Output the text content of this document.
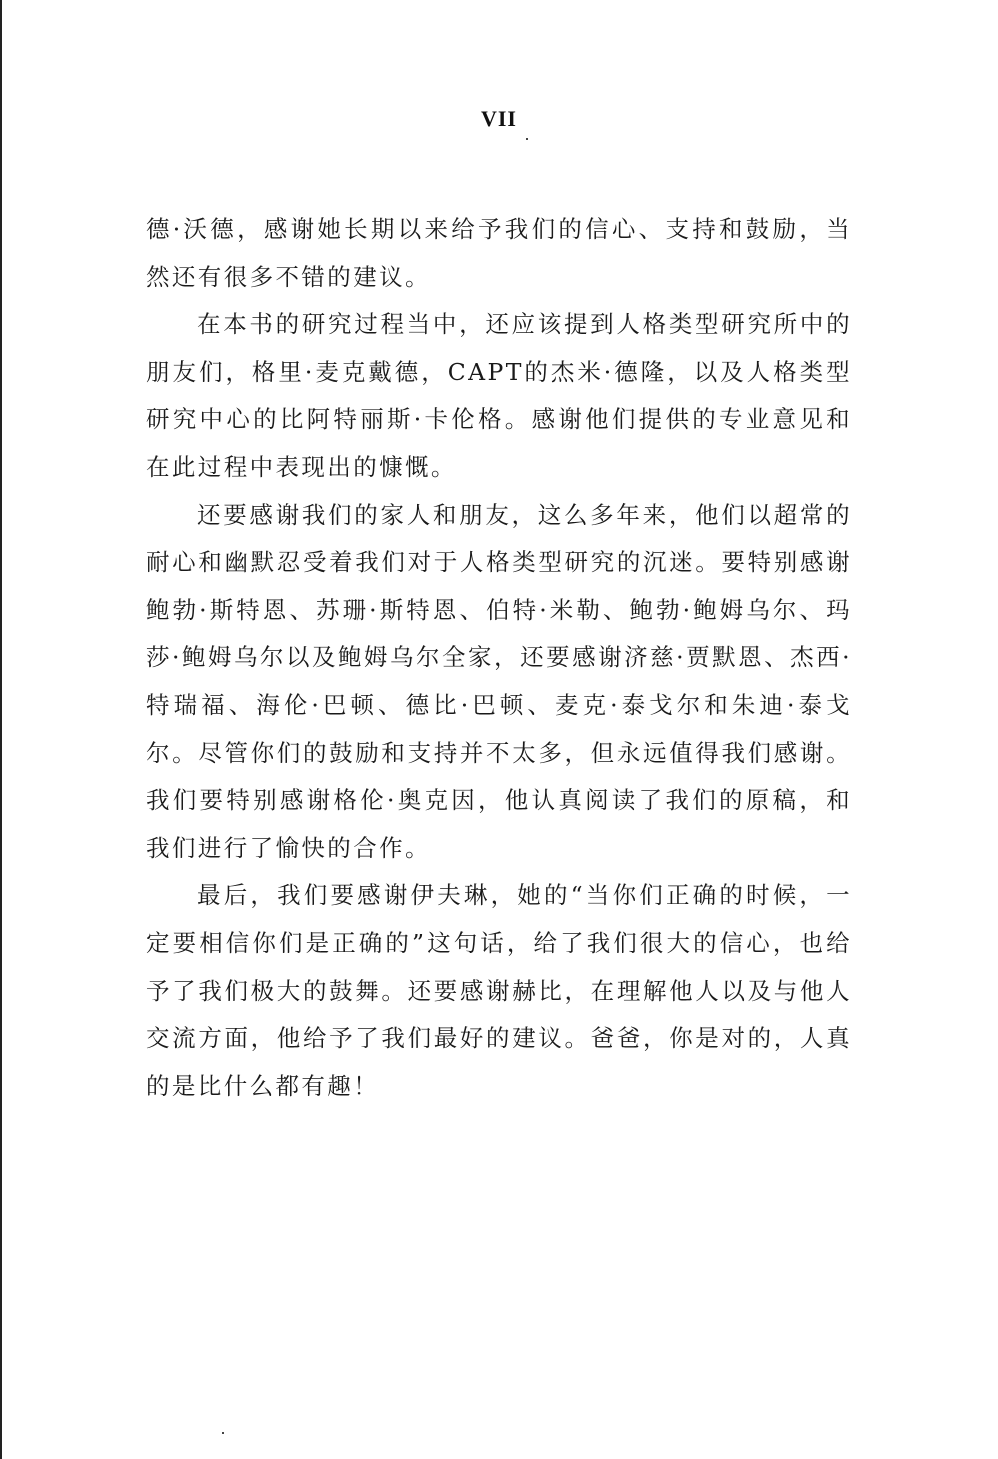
VII

德·沃德，感谢她长期以来给予我们的信心、支持和鼓励，当然还有很多不错的建议。

在本书的研究过程当中，还应该提到人格类型研究所中的朋友们，格里·麦克戴德，CAPT的杰米·德隆，以及人格类型研究中心的比阿特丽斯·卡伦格。感谢他们提供的专业意见和在此过程中表现出的慷慨。

还要感谢我们的家人和朋友，这么多年来，他们以超常的耐心和幽默忍受着我们对于人格类型研究的沉迷。要特别感谢鲍勃·斯特恩、苏珊·斯特恩、伯特·米勒、鲍勃·鲍姆乌尔、玛莎·鲍姆乌尔以及鲍姆乌尔全家，还要感谢济慈·贾默恩、杰西·特瑞福、海伦·巴顿、德比·巴顿、麦克·泰戈尔和朱迪·泰戈尔。尽管你们的鼓励和支持并不太多，但永远值得我们感谢。我们要特别感谢格伦·奥克因，他认真阅读了我们的原稿，和我们进行了愉快的合作。

最后，我们要感谢伊夫琳，她的“当你们正确的时候，一定要相信你们是正确的”这句话，给了我们很大的信心，也给予了我们极大的鼓舞。还要感谢赫比，在理解他人以及与他人交流方面，他给予了我们最好的建议。爸爸，你是对的，人真的是比什么都有趣！
